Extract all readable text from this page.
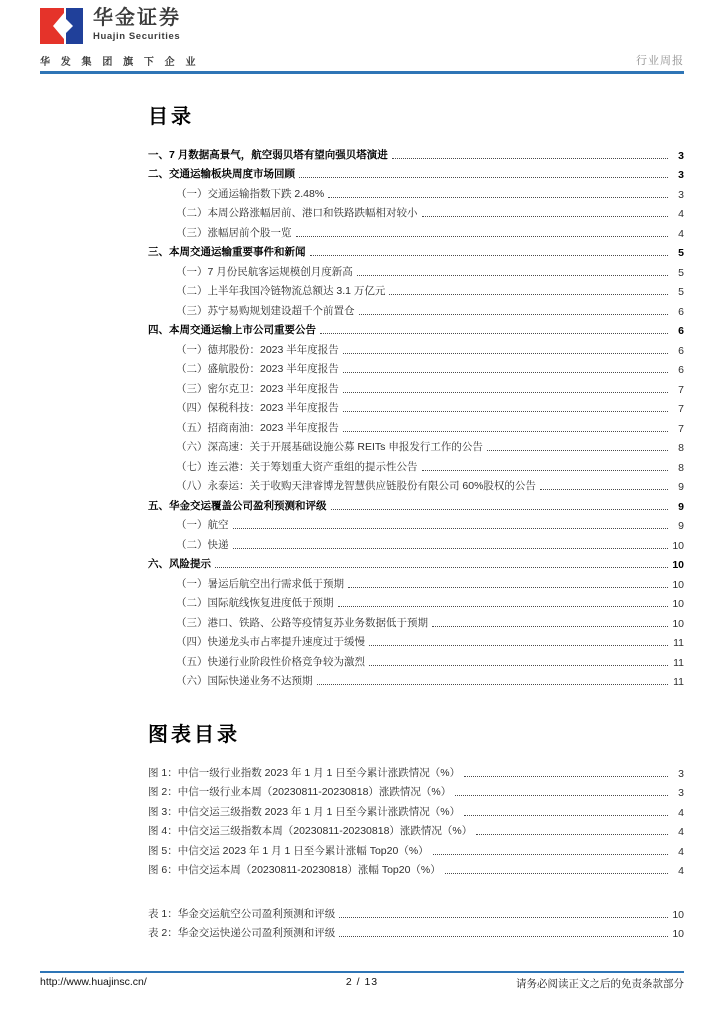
华金证券
Huajin Securities
华 发 集 团 旗 下 企 业	行业周报
目录
一、7 月数据高景气，航空弱贝塔有望向强贝塔演进	3
二、交通运输板块周度市场回顾	3
（一）交通运输指数下跌 2.48%	3
（二）本周公路涨幅居前、港口和铁路跌幅相对较小	4
（三）涨幅居前个股一览	4
三、本周交通运输重要事件和新闻	5
（一）7 月份民航客运规模创月度新高	5
（二）上半年我国冷链物流总额达 3.1 万亿元	5
（三）苏宁易购规划建设超千个前置仓	6
四、本周交通运输上市公司重要公告	6
（一）德邦股份：2023 半年度报告	6
（二）盛航股份：2023 半年度报告	6
（三）密尔克卫：2023 半年度报告	7
（四）保税科技：2023 半年度报告	7
（五）招商南油：2023 半年度报告	7
（六）深高速：关于开展基础设施公募 REITs 申报发行工作的公告	8
（七）连云港：关于筹划重大资产重组的提示性公告	8
（八）永泰运：关于收购天津睿博龙智慧供应链股份有限公司 60%股权的公告	9
五、华金交运覆盖公司盈利预测和评级	9
（一）航空	9
（二）快递	10
六、风险提示	10
（一）暑运后航空出行需求低于预期	10
（二）国际航线恢复进度低于预期	10
（三）港口、铁路、公路等疫情复苏业务数据低于预期	10
（四）快递龙头市占率提升速度过于缓慢	11
（五）快递行业阶段性价格竞争较为激烈	11
（六）国际快递业务不达预期	11
图表目录
图 1：中信一级行业指数 2023 年 1 月 1 日至今累计涨跌情况（%）	3
图 2：中信一级行业本周（20230811-20230818）涨跌情况（%）	3
图 3：中信交运三级指数 2023 年 1 月 1 日至今累计涨跌情况（%）	4
图 4：中信交运三级指数本周（20230811-20230818）涨跌情况（%）	4
图 5：中信交运 2023 年 1 月 1 日至今累计涨幅 Top20（%）	4
图 6：中信交运本周（20230811-20230818）涨幅 Top20（%）	4
表 1：华金交运航空公司盈利预测和评级	10
表 2：华金交运快递公司盈利预测和评级	10
http://www.huajinsc.cn/	2 / 13	请务必阅读正文之后的免责条款部分
